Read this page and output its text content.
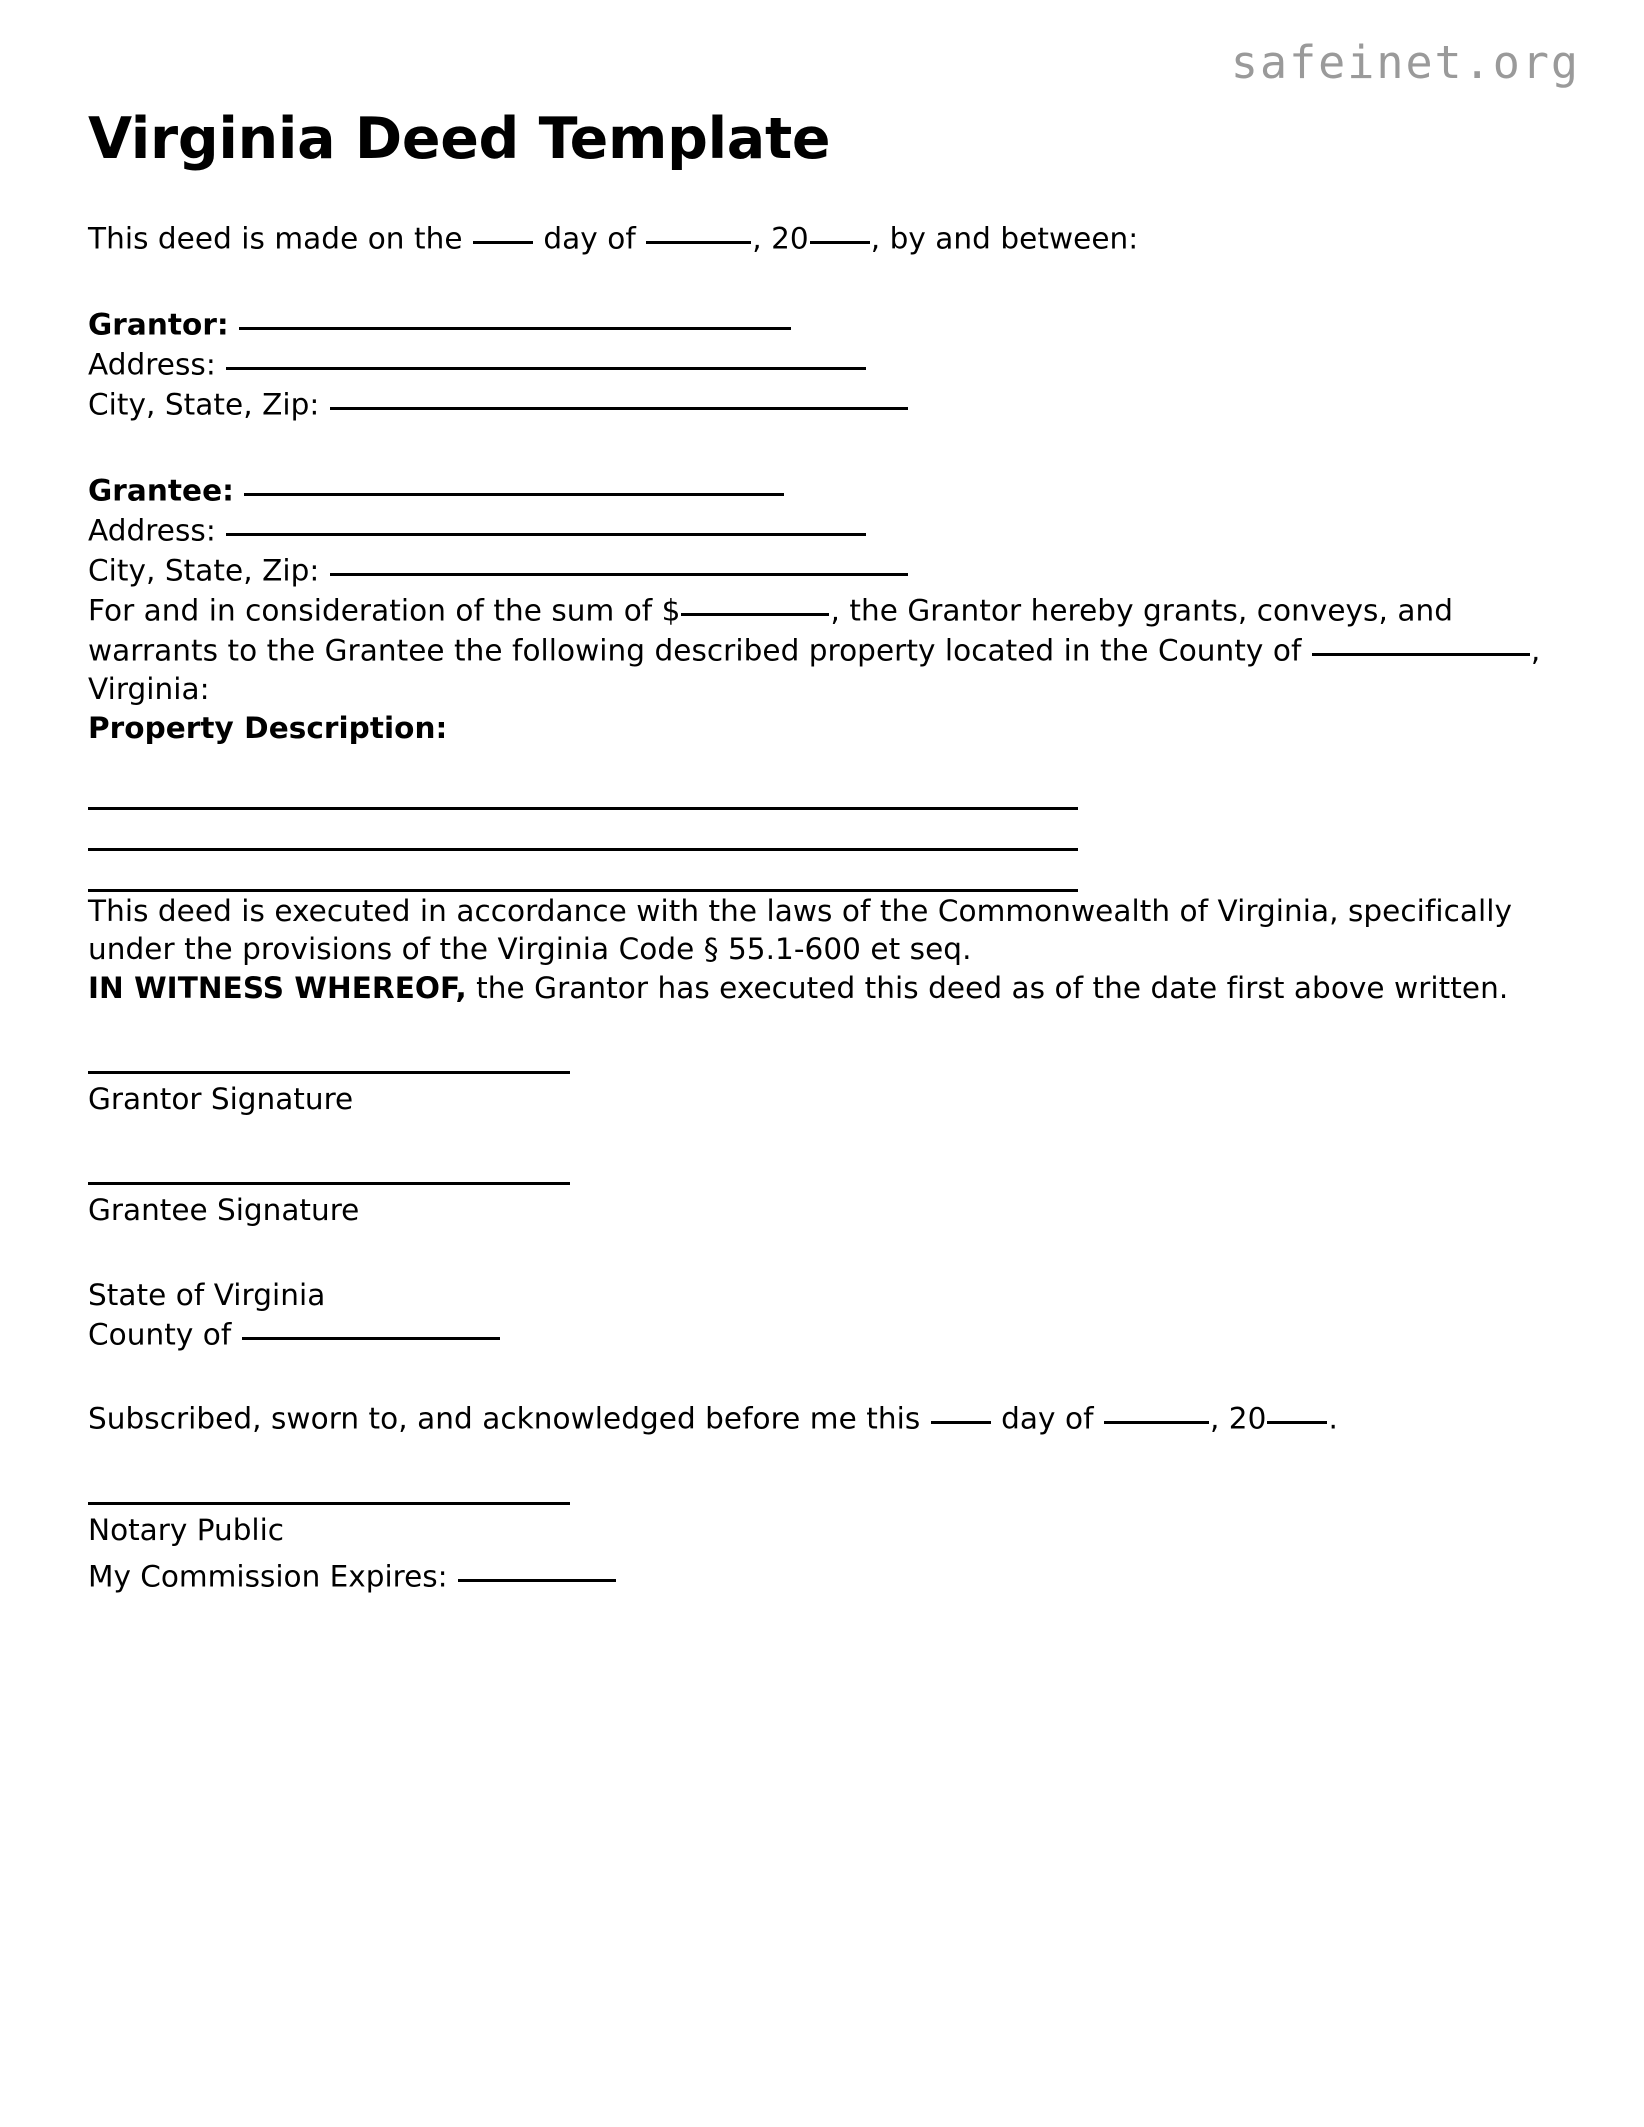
safeinet.org
Virginia Deed Template

This deed is made on the	day of	, 20 , by and between:

Grantor:

Address:

City, State, Zip:

Grantee:

Address:

City, State, Zip:

For and in consideration of the sum of $	, the Grantor hereby grants, conveys, and warrants to the Grantee the following described property located in the County of	, Virginia:

Property Description:

This deed is executed in accordance with the laws of the Commonwealth of Virginia, specifically under the provisions of the Virginia Code § 55.1-600 et seq.

IN WITNESS WHEREOF, the Grantor has executed this deed as of the date first above written.

Grantor Signature

Grantee Signature

State of Virginia

County of

Subscribed, sworn to, and acknowledged before me this	day of	, 20 .

Notary Public

My Commission Expires:
